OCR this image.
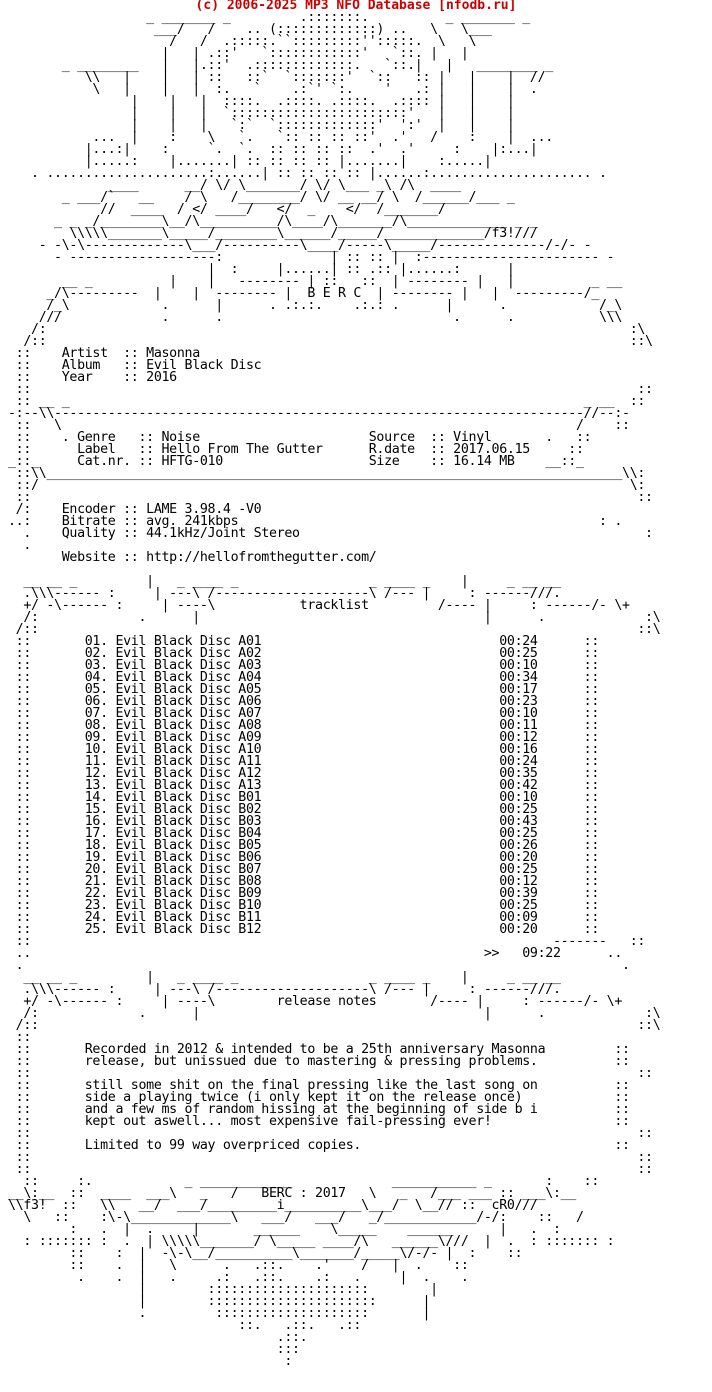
(c) 2006-2025 MP3 NFO Database [nfodb.ru]
_ _______ _         .:::::::.          _ _______ _
___/   /    .. (:::::::::::::) ..   \   \___
/   /  .:::::.``:::::::::'':::::.  \   \
|   | .::'   `::::::::::::'   `::. |   |
_ ________   |   |.::'  .:::::::::::::.   `::.|   |   ________ _
\\   |    |   | ::   ::`  `:::::::'  `::   :: |   |    |  //
\   |    |   |  :.   `    .:`' `:.    '   .: |   |    |  .
|    |   |  ::::.  .::::. .::::.  .:::: |   |    |
|    |   |  `:::::::::::::::::::::::'   |   |    |
|    |   |   `:`  `:::::::::::::'  ':'  |   |    |
...  |    :    \   `.   `:: :: :: ::'  .'   /    :    |  ...
|...:|    :     `.  `.  :: :: :: ::  .'  .'     :    |:...|
|.....:    |.......| :: :: :: :: |.......|    :.....|
. .....................:......| :: :: :: :: |......:..................... .
____      __/ \/ \_______/ \/ \___ _\ /\  ____
_ ___/`   __    / \   /________/ \/ __ __/ \  /______/___ _
//  ____  / </ ____/   </  _    </  /_______/
_ _ _/________\__/\__________/\____/\_______/\_____________ _ _
\\\\\_______\_____/________\______/_____/_____________/f3!///
- -\-\-------------\___/----------\____/-----\_____/--------------/-/- -
- -------------------:              | :: :: |  :----------------------- -
|  :     |......| :: .:: |......:      |
__ _          |    |   -------- | ::   ::  | -------- |   |          _ __
_/\---------  |    |  -------- |  B E R C  | -------- |   |  ---------/_
/_\            .      |      . .:.:.    .:.: .      |      .            /_\
///             .      .                              .      .           \\\
/:                                                                            :\
/::                                                                            ::\
::    Artist  :: Masonna
::    Album   :: Evil Black Disc
::    Year    :: 2016
::                                                                               ::
:: __ _                                                                   _ __  ::
-:--\\---------------------------------------------------------------------//--:-
::   \                                                                   /    ::
::    . Genre   :: Noise                      Source  :: Vinyl       .   ::
::      Label   :: Hello From The Gutter      R.date  :: 2017.06.15     ::
_::_     Cat.nr. :: HFTG-010                   Size    :: 16.14 MB    __::_
::\\___________________________________________________________________________\\:
::/                                                                             \:
::                                                                               ::
/:    Encoder :: LAME 3.98.4 -V0
..:    Bitrate :: avg. 241kbps                                               : .
.    Quality :: 44.1kHz/Joint Stereo                                             :
.
Website :: http://hellofromthegutter.com/

__ __ _         |   _ ____ _                 _ ____ _    |     _ __ __
.\\\------ :     | ---\ /--------------------\ /--- |     : ------///.
+/ -\------ :     | ----\           tracklist         /---- |     : ------/- \+
/:             .      |                                     |      .             :\
/::                                                                              ::\
::       01. Evil Black Disc A01                               00:24      ::
::       02. Evil Black Disc A02                               00:25      ::
::       03. Evil Black Disc A03                               00:10      ::
::       04. Evil Black Disc A04                               00:34      ::
::       05. Evil Black Disc A05                               00:17      ::
::       06. Evil Black Disc A06                               00:23      ::
::       07. Evil Black Disc A07                               00:10      ::
::       08. Evil Black Disc A08                               00:11      ::
::       09. Evil Black Disc A09                               00:12      ::
::       10. Evil Black Disc A10                               00:16      ::
::       11. Evil Black Disc A11                               00:24      ::
::       12. Evil Black Disc A12                               00:35      ::
::       13. Evil Black Disc A13                               00:42      ::
::       14. Evil Black Disc B01                               00:10      ::
::       15. Evil Black Disc B02                               00:25      ::
::       16. Evil Black Disc B03                               00:43      ::
::       17. Evil Black Disc B04                               00:25      ::
::       18. Evil Black Disc B05                               00:26      ::
::       19. Evil Black Disc B06                               00:20      ::
::       20. Evil Black Disc B07                               00:25      ::
::       21. Evil Black Disc B08                               00:12      ::
::       22. Evil Black Disc B09                               00:39      ::
::       23. Evil Black Disc B10                               00:25      ::
::       24. Evil Black Disc B11                               00:09      ::
::       25. Evil Black Disc B12                               00:20      ::
::                                                                    -------   ::
..                                                           >>   09:22      ..
.                                                                              .
__ __ _         |   _ ____ _                 _ ____ _    |     _ __ __
.\\\------ :     | ---\ /--------------------\ /--- |     : ------///.
+/ -\------ :     | ----\        release notes       /---- |     : ------/- \+
/:             .      |                                     |      .             :\
/::                                                                              ::\
::
::       Recorded in 2012 & intended to be a 25th anniversary Masonna         ::
::       release, but unissued due to mastering & pressing problems.          ::
::                                                                               ::
::       still some shit on the final pressing like the last song on          ::
::       side a playing twice (i only kept it on the release once)            ::
::       and a few ms of random hissing at the beginning of side b i          ::
::       kept out aswell... most expensive fail-pressing ever!                ::
::                                                                               ::
::       Limited to 99 way overpriced copies.                                 ::
::                                                                               ::
::                                                                               ::
::     :.            _ ____________             ___________ _       :    ::
__\:__  ::  ____  ___\   _   /   BERC : 2017   \   _   /___ ___ :: ___\:__
\\f3!  ::   \\   __/  ___/_________i__________\___/  \__// ::  cR0///
\   ::    :\-\_____________\   ___/   ___/   _/____________/-/:    ::   /
:   .  |  .     |       ______    \_____    ______      |   .  :
: ::::::: :  .  | \\\\\_______/ \_____ ____/\   ______\///  |  .  : ::::::: :
::    :  |  -\-\__/__________\_______/_____\/-/- |  :    ::
::    .  |   \      .   .::.    .'    /   |  .    ::
.    .  |   .     .:   .::.    .:   .     |  .    .
|        :::::::::::::::::::::        |
|        ::::::::::::::::::::::      |
.         ::::::::::::::::::::       |
::.   .::.   .::
.::.
:::
:
